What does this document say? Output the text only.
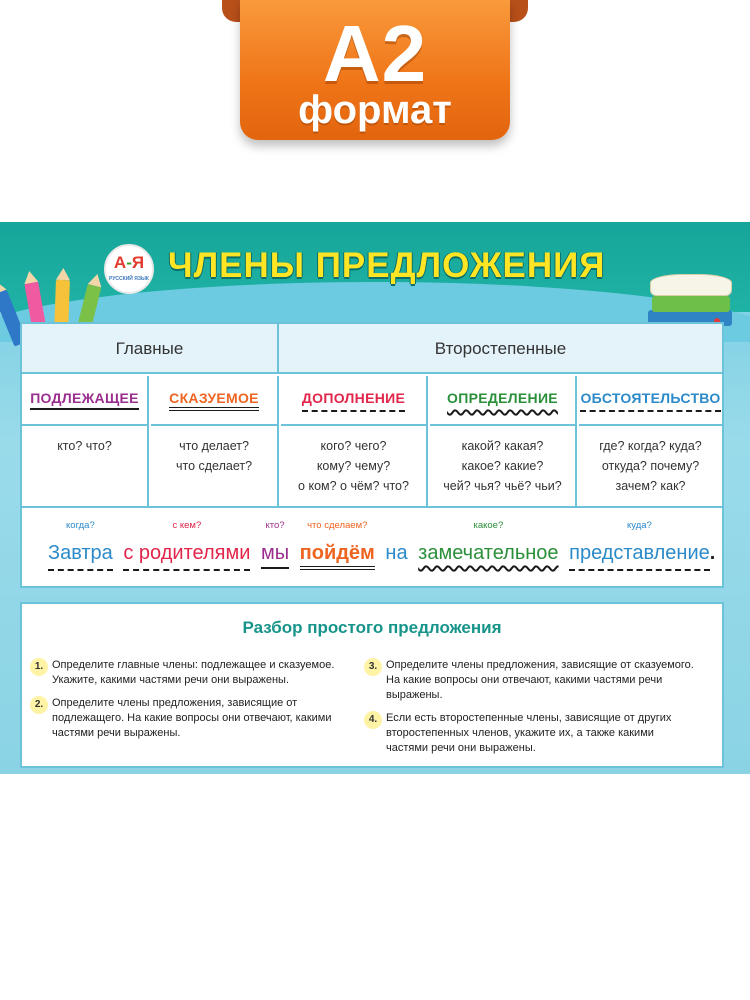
A2
формат
А-Я
РУССКИЙ ЯЗЫК ЧЛЕНЫ ПРЕДЛОЖЕНИЯ
Главные	Второстепенные
ПОДЛЕЖАЩЕЕ
кто? что?
СКАЗУЕМОЕ
что делает?
что сделает?
ДОПОЛНЕНИЕ
кого? чего?
кому? чему?
о ком? о чём? что?
ОПРЕДЕЛЕНИЕ
какой? какая?
какое? какие?
чей? чья? чьё? чьи?
ОБСТОЯТЕЛЬСТВО
где? когда? куда?
откуда? почему?
зачем? как?
когда?
Завтра
с кем?
с родителями
кто?
мы
что сделаем?
пойдём на
какое?
замечательное
куда?
представление.
Разбор простого предложения
1. Определите главные члены: подлежащее и сказуемое. Укажите, какими частями речи они выражены.
2. Определите члены предложения, зависящие от подлежащего. На какие вопросы они отвечают, какими частями речи выражены.
3. Определите члены предложения, зависящие от сказуемого. На какие вопросы они отвечают, какими частями речи выражены.
4. Если есть второстепенные члены, зависящие от других второстепенных членов, укажите их, а также какими частями речи они выражены.
